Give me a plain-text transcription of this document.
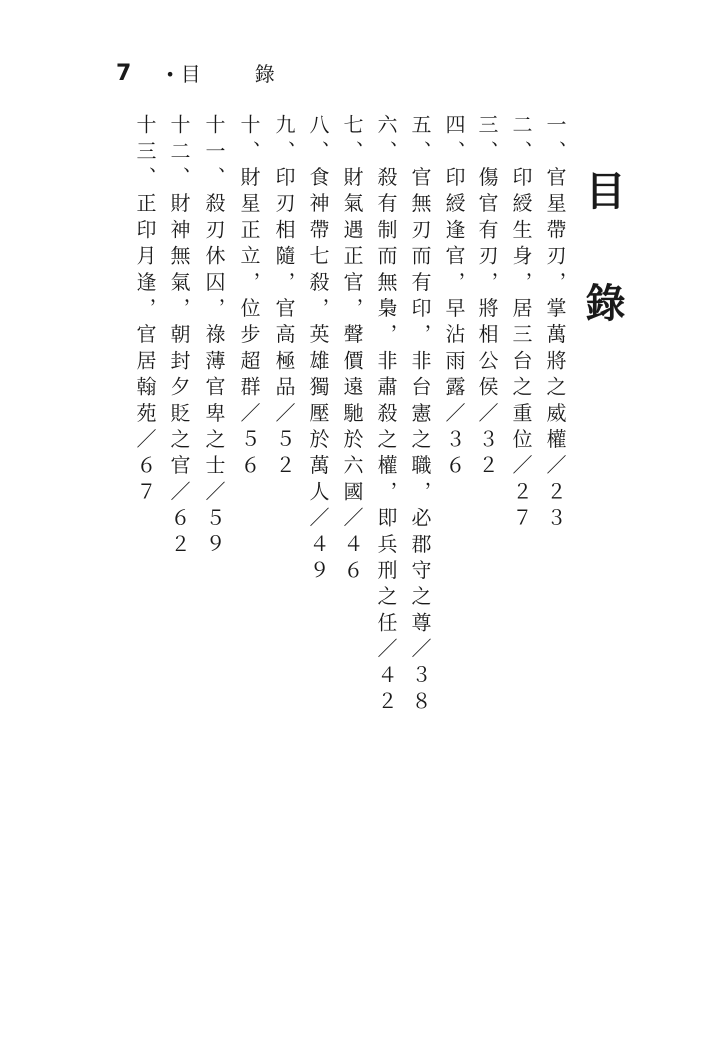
7 • 目錄
目錄
一、官星帶刃，掌萬將之威權／２３
二、印綬生身，居三台之重位／２７
三、傷官有刃，將相公侯／３２
四、印綬逢官，早沾雨露／３６
五、官無刃而有印，非台憲之職，必郡守之尊／３８
六、殺有制而無梟，非肅殺之權，即兵刑之任／４２
七、財氣遇正官，聲價遠馳於六國／４６
八、食神帶七殺，英雄獨壓於萬人／４９
九、印刃相隨，官高極品／５２
十、財星正立，位步超群／５６
十一、殺刃休囚，祿薄官卑之士／５９
十二、財神無氣，朝封夕貶之官／６２
十三、正印月逢，官居翰苑／６７
